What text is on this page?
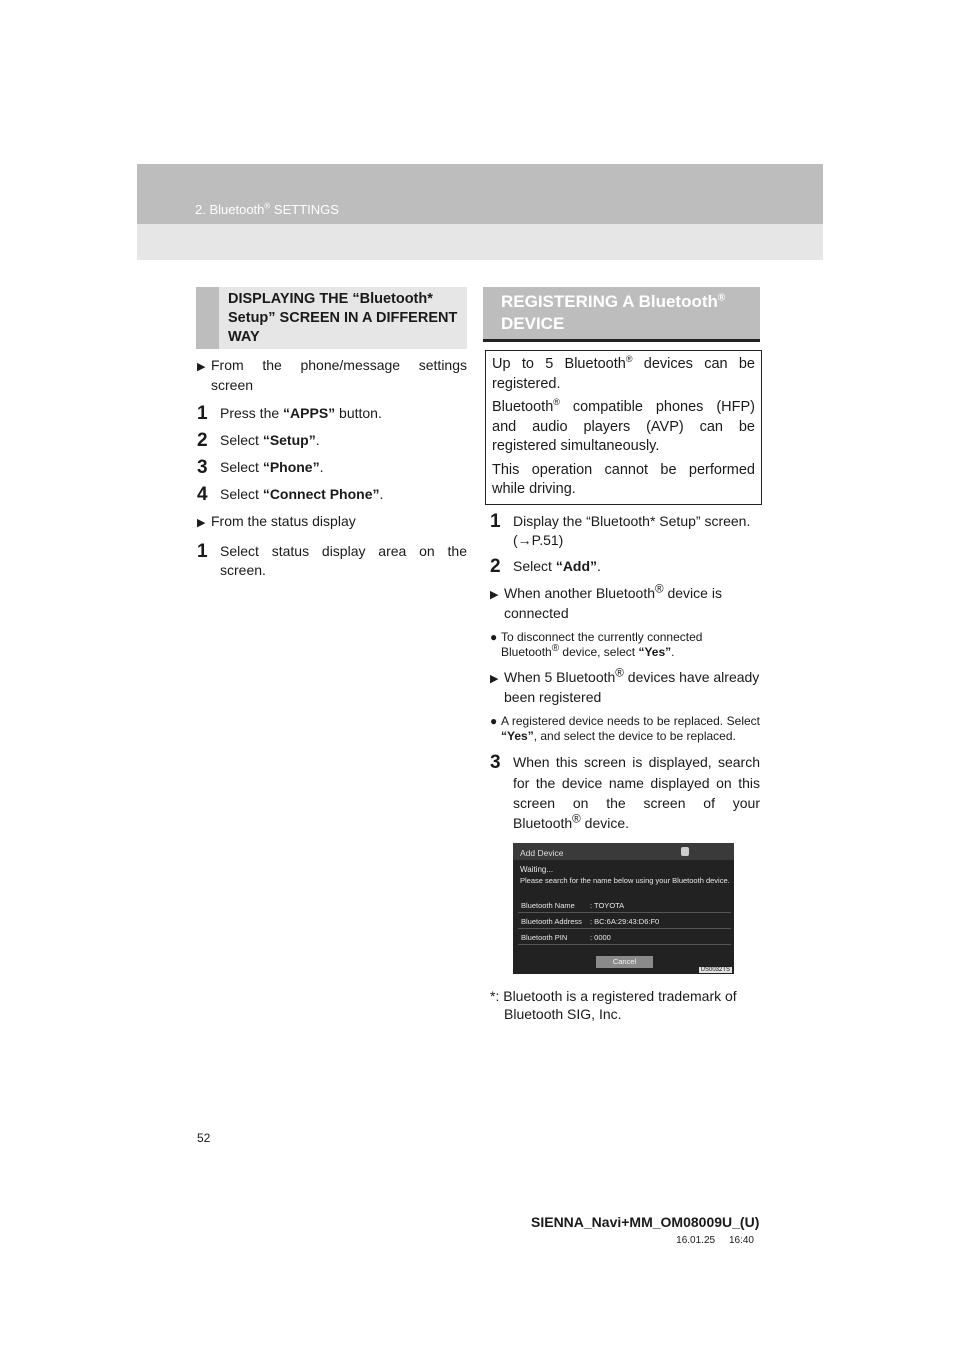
2. Bluetooth® SETTINGS
DISPLAYING THE “Bluetooth* Setup” SCREEN IN A DIFFERENT WAY
▶ From the phone/message settings screen
1 Press the “APPS” button.
2 Select “Setup”.
3 Select “Phone”.
4 Select “Connect Phone”.
▶ From the status display
1 Select status display area on the screen.
REGISTERING A Bluetooth®
DEVICE

Up to 5 Bluetooth® devices can be registered.

Bluetooth® compatible phones (HFP) and audio players (AVP) can be registered simultaneously.

This operation cannot be performed while driving.

1 Display the “Bluetooth* Setup” screen. (→P.51)
2 Select “Add”.
▶ When another Bluetooth® device is connected
● To disconnect the currently connected Bluetooth® device, select “Yes”.
▶ When 5 Bluetooth® devices have already been registered
● A registered device needs to be replaced. Select “Yes”, and select the device to be replaced.
3 When this screen is displayed, search for the device name displayed on this screen on the screen of your Bluetooth® device.
Add Device
Waiting...
Please search for the name below using your Bluetooth device.
Bluetooth Name : TOYOTA
Bluetooth Address : BC:6A:29:43:D6:F0
Bluetooth PIN	: 0000
Cancel
US0032TS
*: Bluetooth is a registered trademark of Bluetooth SIG, Inc.
52
SIENNA_Navi+MM_OM08009U_(U)
16.01.25     16:40
